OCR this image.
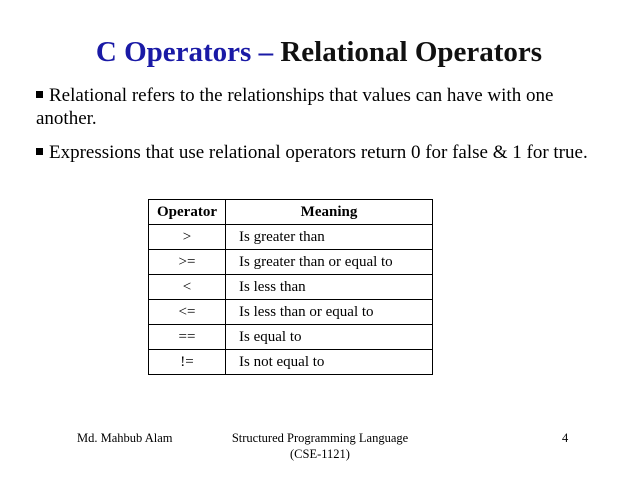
C Operators – Relational Operators
Relational refers to the relationships that values can have with one another.
Expressions that use relational operators return 0 for false & 1 for true.
Operator	Meaning
>	Is greater than
>=	Is greater than or equal to
<	Is less than
<=	Is less than or equal to
==	Is equal to
!=	Is not equal to
Md. Mahbub Alam	Structured Programming Language
(CSE-1121)
4
